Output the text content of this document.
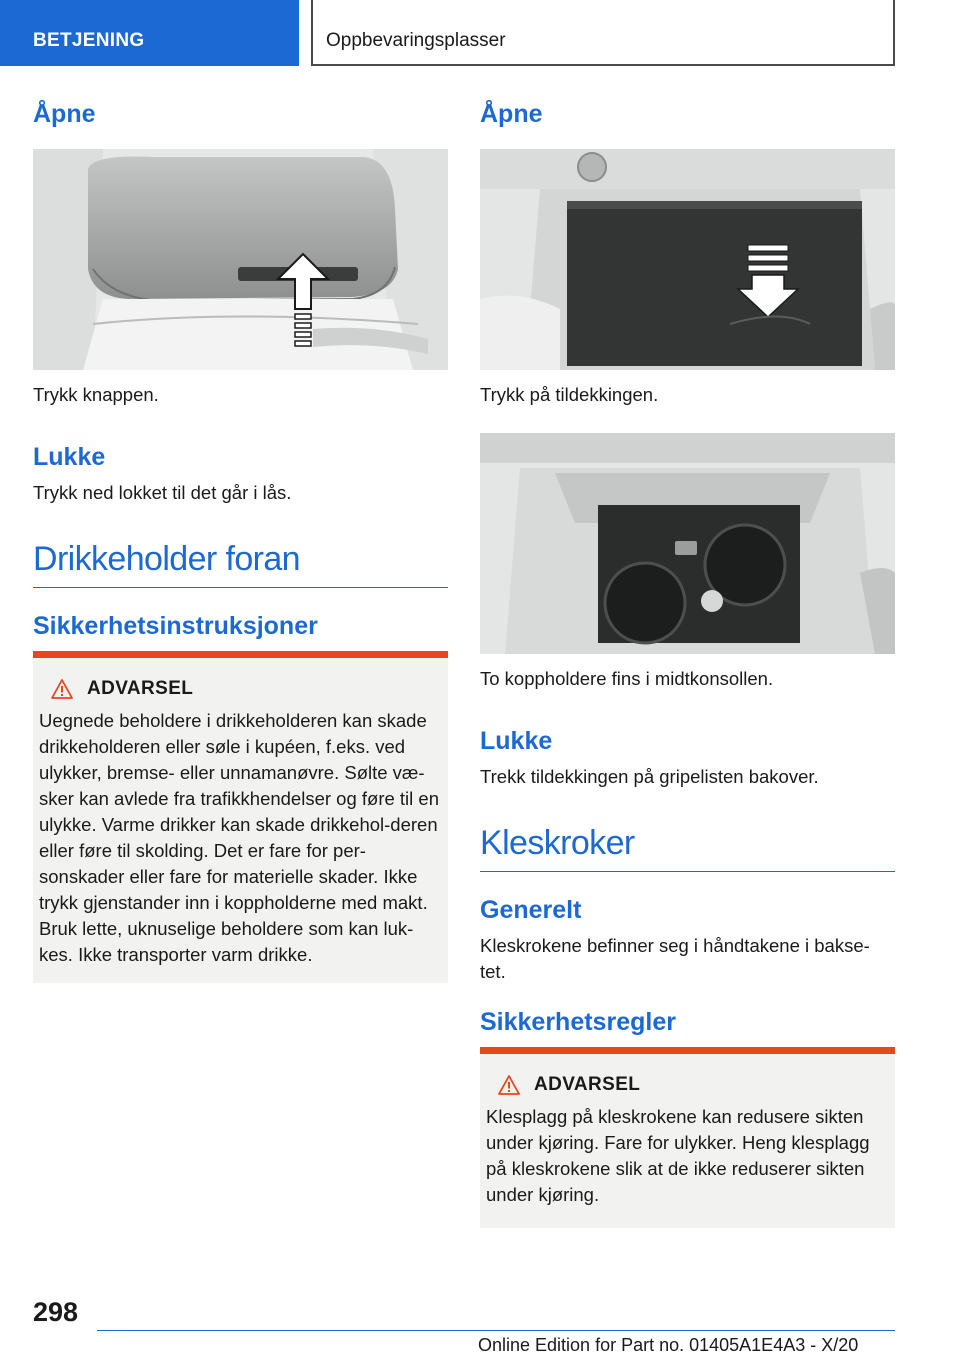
BETJENING	Oppbevaringsplasser
Åpne
Trykk knappen.
Lukke
Trykk ned lokket til det går i lås.
Drikkeholder foran
Sikkerhetsinstruksjoner
ADVARSEL
Uegnede beholdere i drikkeholderen kan skade drikkeholderen eller søle i kupéen, f.eks. ved ulykker, bremse- eller unnamanøvre. Sølte væ-sker kan avlede fra trafikkhendelser og føre til en ulykke. Varme drikker kan skade drikkehol-deren eller føre til skolding. Det er fare for per-sonskader eller fare for materielle skader. Ikke trykk gjenstander inn i koppholderne med makt. Bruk lette, uknuselige beholdere som kan luk-kes. Ikke transporter varm drikke.
Åpne
Trykk på tildekkingen.
To koppholdere fins i midtkonsollen.
Lukke
Trekk tildekkingen på gripelisten bakover.
Kleskroker
Generelt
Kleskrokene befinner seg i håndtakene i bakse-tet.
Sikkerhetsregler
ADVARSEL
Klesplagg på kleskrokene kan redusere sikten under kjøring. Fare for ulykker. Heng klesplagg på kleskrokene slik at de ikke reduserer sikten under kjøring.
298
Online Edition for Part no. 01405A1E4A3 - X/20
